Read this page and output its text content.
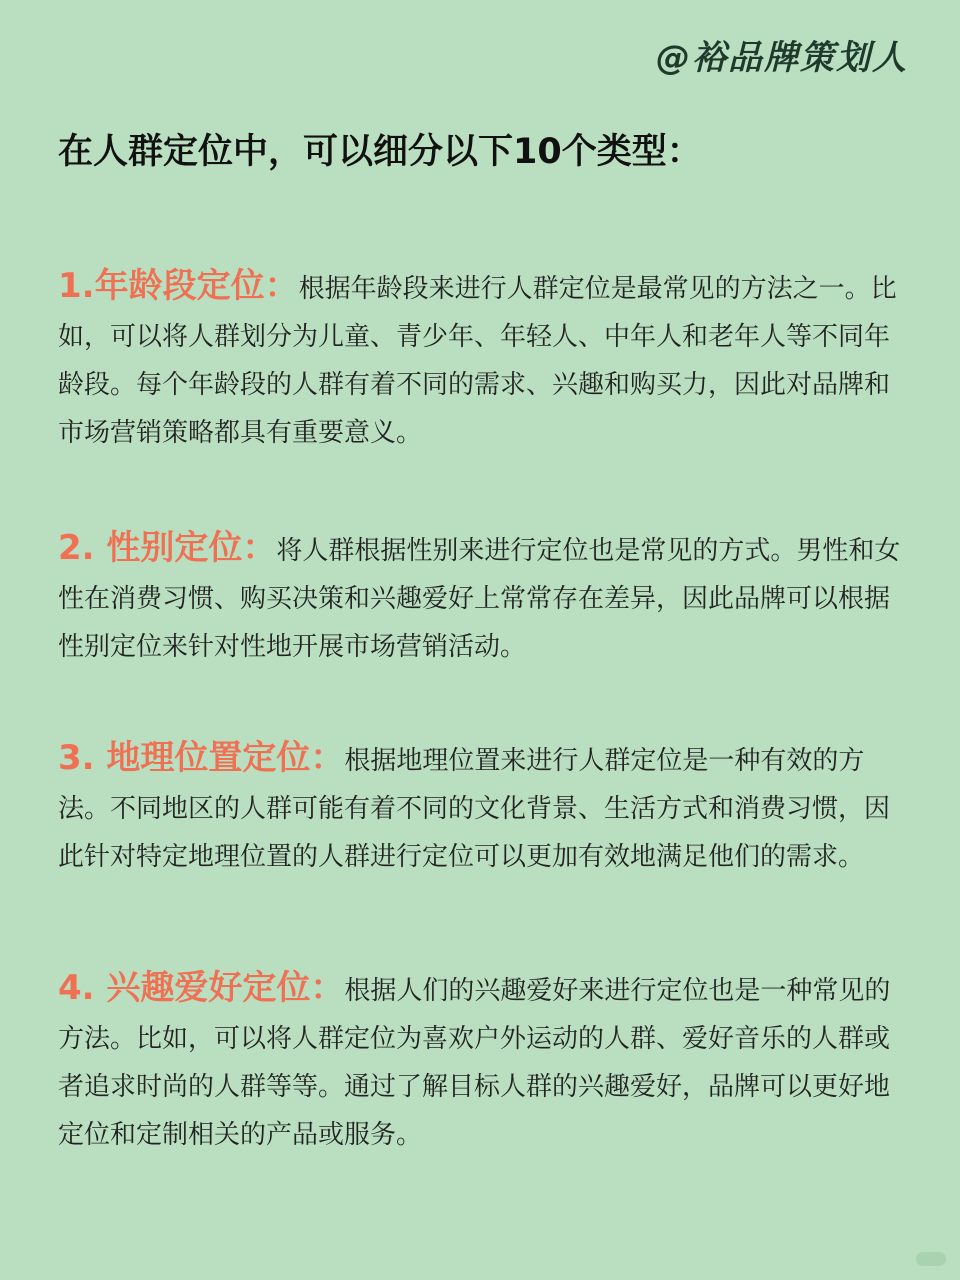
@裕品牌策划人
在人群定位中，可以细分以下10个类型：
1.年龄段定位：根据年龄段来进行人群定位是最常见的方法之一。比如，可以将人群划分为儿童、青少年、年轻人、中年人和老年人等不同年龄段。每个年龄段的人群有着不同的需求、兴趣和购买力，因此对品牌和市场营销策略都具有重要意义。
2. 性别定位：将人群根据性别来进行定位也是常见的方式。男性和女性在消费习惯、购买决策和兴趣爱好上常常存在差异，因此品牌可以根据性别定位来针对性地开展市场营销活动。
3. 地理位置定位：根据地理位置来进行人群定位是一种有效的方法。不同地区的人群可能有着不同的文化背景、生活方式和消费习惯，因此针对特定地理位置的人群进行定位可以更加有效地满足他们的需求。
4. 兴趣爱好定位：根据人们的兴趣爱好来进行定位也是一种常见的方法。比如，可以将人群定位为喜欢户外运动的人群、爱好音乐的人群或者追求时尚的人群等等。通过了解目标人群的兴趣爱好，品牌可以更好地定位和定制相关的产品或服务。
